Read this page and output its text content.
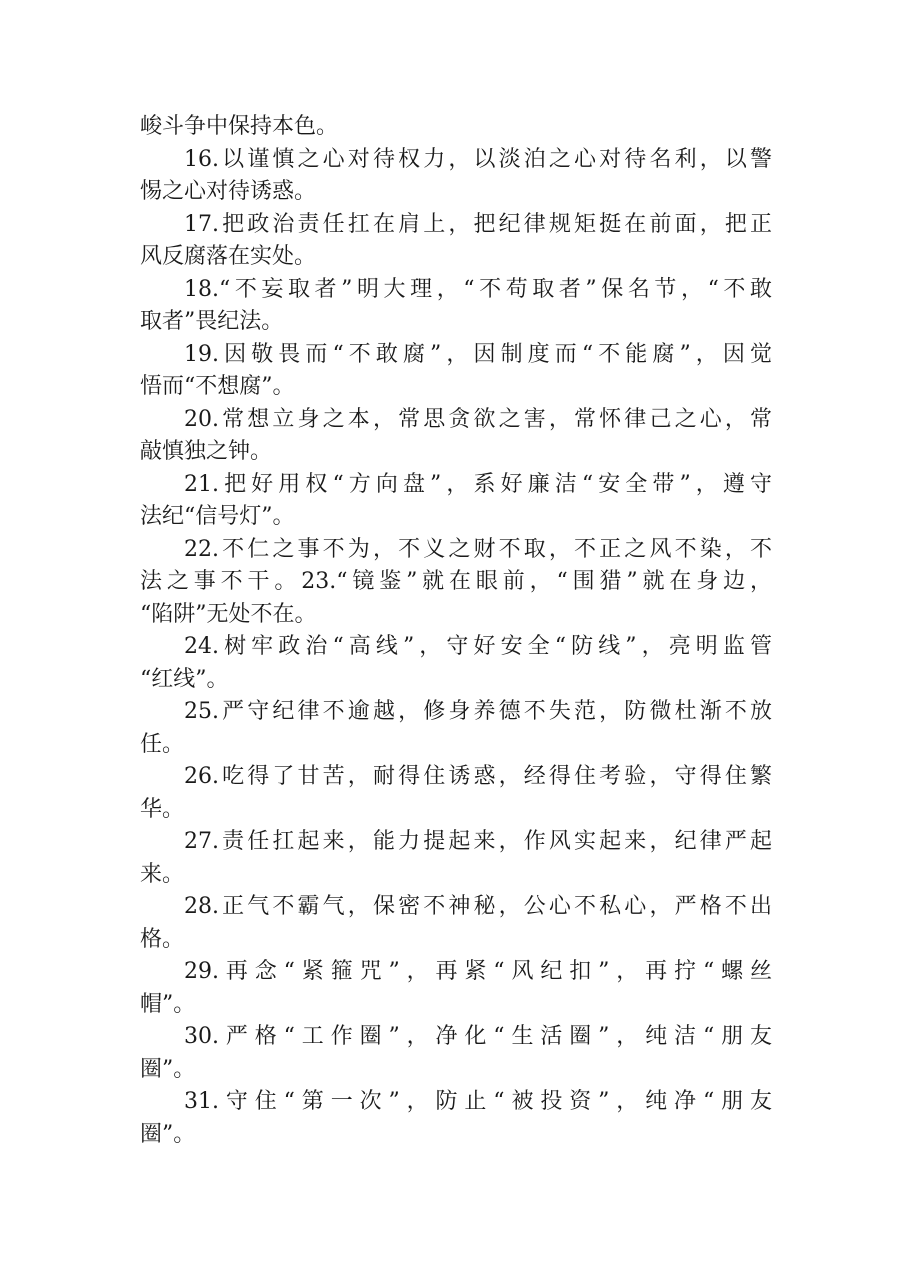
峻斗争中保持本色。
16.以谨慎之心对待权力，以淡泊之心对待名利，以警
惕之心对待诱惑。
17.把政治责任扛在肩上，把纪律规矩挺在前面，把正
风反腐落在实处。
18.“不妄取者”明大理，“不苟取者”保名节，“不敢
取者”畏纪法。
19.因敬畏而“不敢腐”，因制度而“不能腐”，因觉
悟而“不想腐”。
20.常想立身之本，常思贪欲之害，常怀律己之心，常
敲慎独之钟。
21.把好用权“方向盘”，系好廉洁“安全带”，遵守
法纪“信号灯”。
22.不仁之事不为，不义之财不取，不正之风不染，不
法之事不干。23.“镜鉴”就在眼前，“围猎”就在身边，
“陷阱”无处不在。
24.树牢政治“高线”，守好安全“防线”，亮明监管
“红线”。
25.严守纪律不逾越，修身养德不失范，防微杜渐不放
任。
26.吃得了甘苦，耐得住诱惑，经得住考验，守得住繁
华。
27.责任扛起来，能力提起来，作风实起来，纪律严起
来。
28.正气不霸气，保密不神秘，公心不私心，严格不出
格。
29.再念“紧箍咒”，再紧“风纪扣”，再拧“螺丝
帽”。
30.严格“工作圈”，净化“生活圈”，纯洁“朋友
圈”。
31.守住“第一次”，防止“被投资”，纯净“朋友
圈”。
